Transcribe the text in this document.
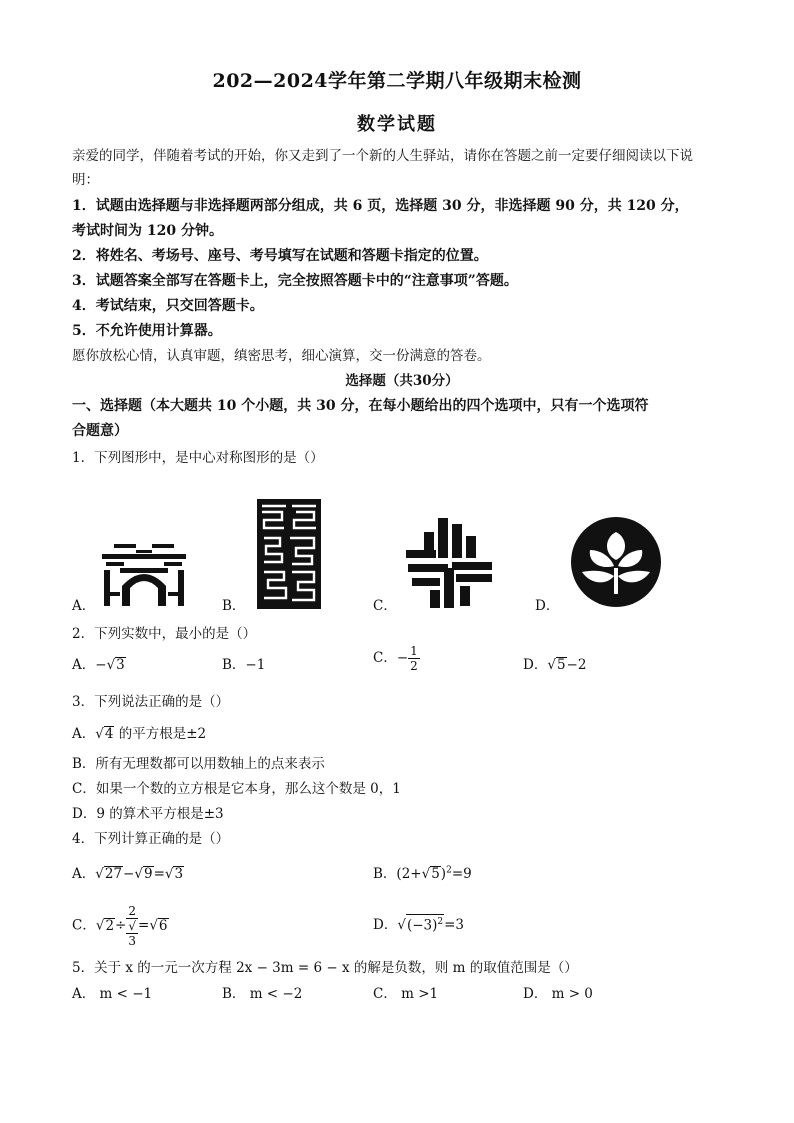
202—2024学年第二学期八年级期末检测
数学试题
亲爱的同学，伴随着考试的开始，你又走到了一个新的人生驿站，请你在答题之前一定要仔细阅读以下说
明：
1．试题由选择题与非选择题两部分组成，共 6 页，选择题 30 分，非选择题 90 分，共 120 分，
考试时间为 120 分钟。
2．将姓名、考场号、座号、考号填写在试题和答题卡指定的位置。
3．试题答案全部写在答题卡上，完全按照答题卡中的“注意事项”答题。
4．考试结束，只交回答题卡。
5．不允许使用计算器。
愿你放松心情，认真审题，缜密思考，细心演算，交一份满意的答卷。
选择题（共30分）
一、选择题（本大题共 10 个小题，共 30 分，在每小题给出的四个选项中，只有一个选项符
合题意）
1．下列图形中，是中心对称图形的是（）
A．	B．	C．	D．
2．下列实数中，最小的是（）
A．−√3	B．−1	C．− $\frac{1}{2}$	D．√5−2
3．下列说法正确的是（）
A．√4 的平方根是±2
B．所有无理数都可以用数轴上的点来表示
C．如果一个数的立方根是它本身，那么这个数是 0，1
D．9 的算术平方根是±3
4．下列计算正确的是（）
A．√27−√9=√3	B．$(2+√5)^2=9$
C．√2÷ 2
√
3 =√6	D．$√(-3)^2=3$
5．关于 x 的一元一次方程 2x − 3m = 6 − x 的解是负数，则 m 的取值范围是（）
A． m < −1	B． m < −2	C． m >1	D． m > 0
